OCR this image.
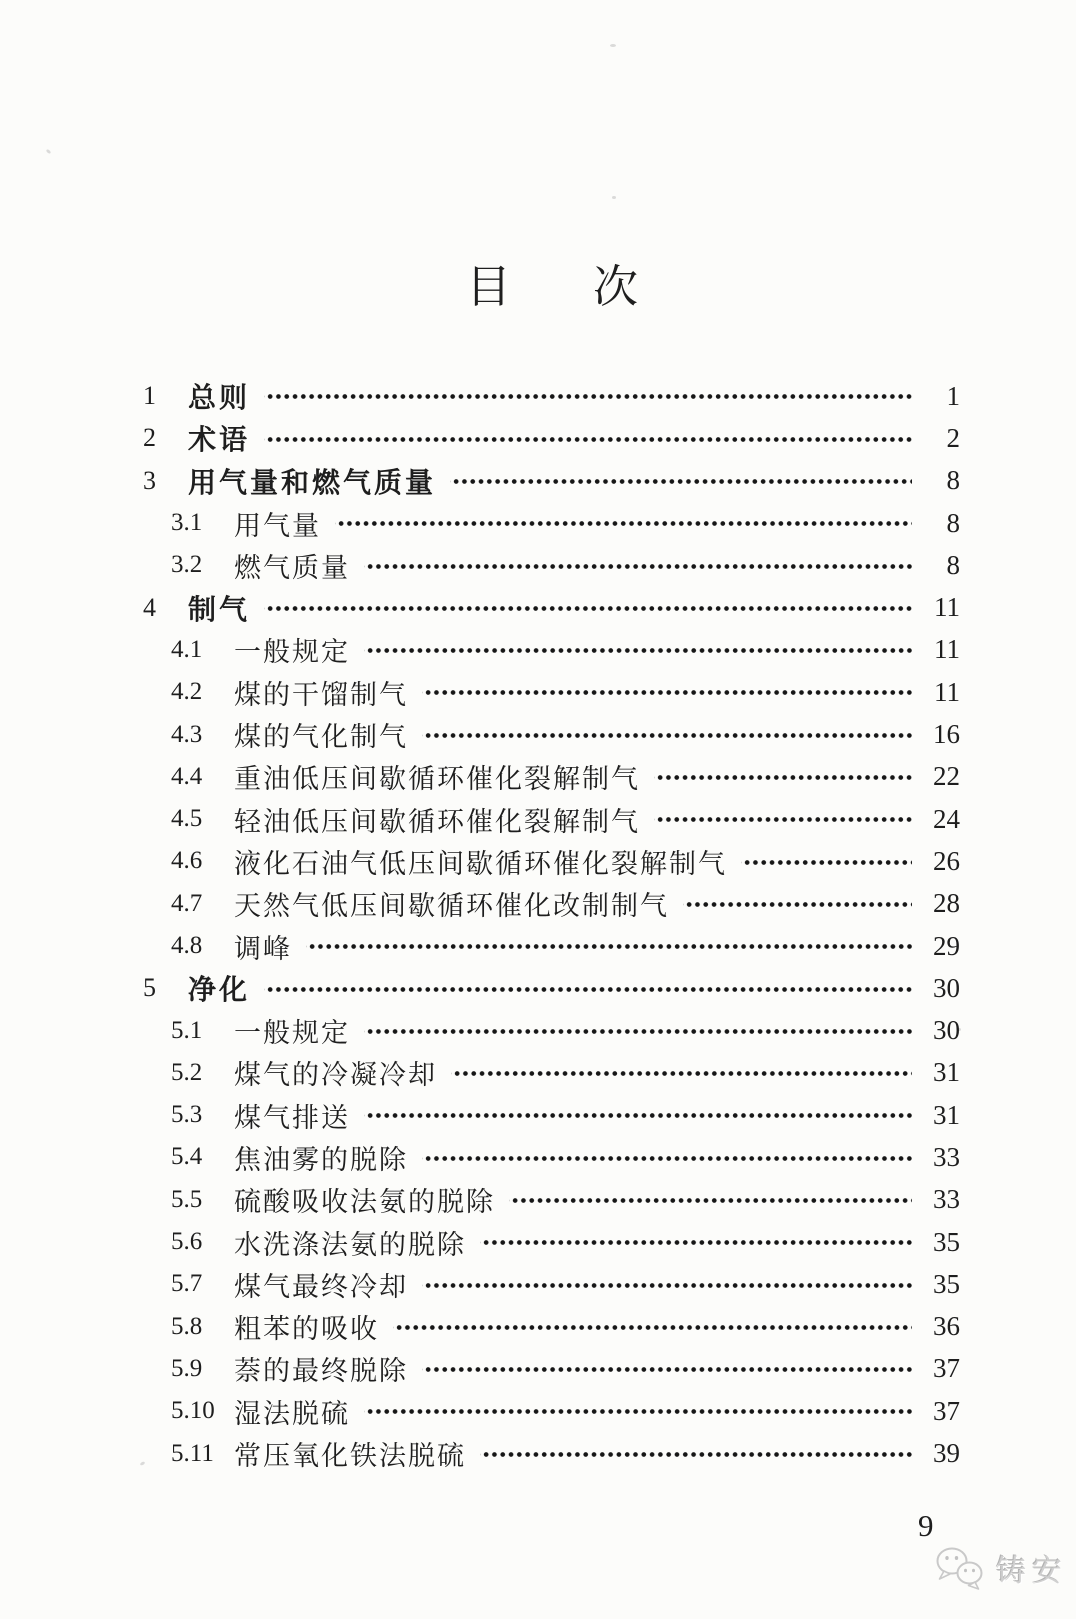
目 次
1	总则	1
2	术语	2
3	用气量和燃气质量	8
3.1	用气量	8
3.2	燃气质量	8
4	制气	11
4.1	一般规定	11
4.2	煤的干馏制气	11
4.3	煤的气化制气	16
4.4	重油低压间歇循环催化裂解制气	22
4.5	轻油低压间歇循环催化裂解制气	24
4.6	液化石油气低压间歇循环催化裂解制气	26
4.7	天然气低压间歇循环催化改制制气	28
4.8	调峰	29
5	净化	30
5.1	一般规定	30
5.2	煤气的冷凝冷却	31
5.3	煤气排送	31
5.4	焦油雾的脱除	33
5.5	硫酸吸收法氨的脱除	33
5.6	水洗涤法氨的脱除	35
5.7	煤气最终冷却	35
5.8	粗苯的吸收	36
5.9	萘的最终脱除	37
5.10 湿法脱硫	37
5.11 常压氧化铁法脱硫	39
9
铸安
